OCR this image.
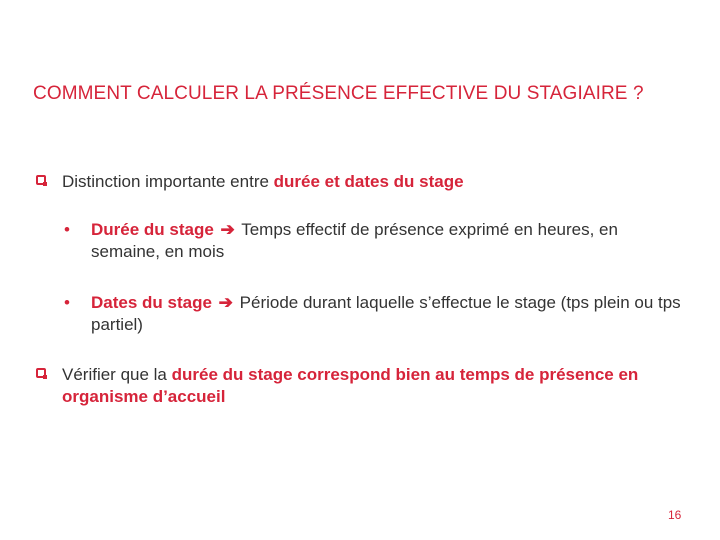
COMMENT CALCULER LA PRÉSENCE EFFECTIVE DU STAGIAIRE ?
Distinction importante entre durée et dates du stage
• Durée du stage ➔ Temps effectif de présence exprimé en heures, en semaine, en mois
• Dates du stage ➔ Période durant laquelle s’effectue le stage (tps plein ou tps partiel)
Vérifier que la durée du stage correspond bien au temps de présence en organisme d’accueil
16
